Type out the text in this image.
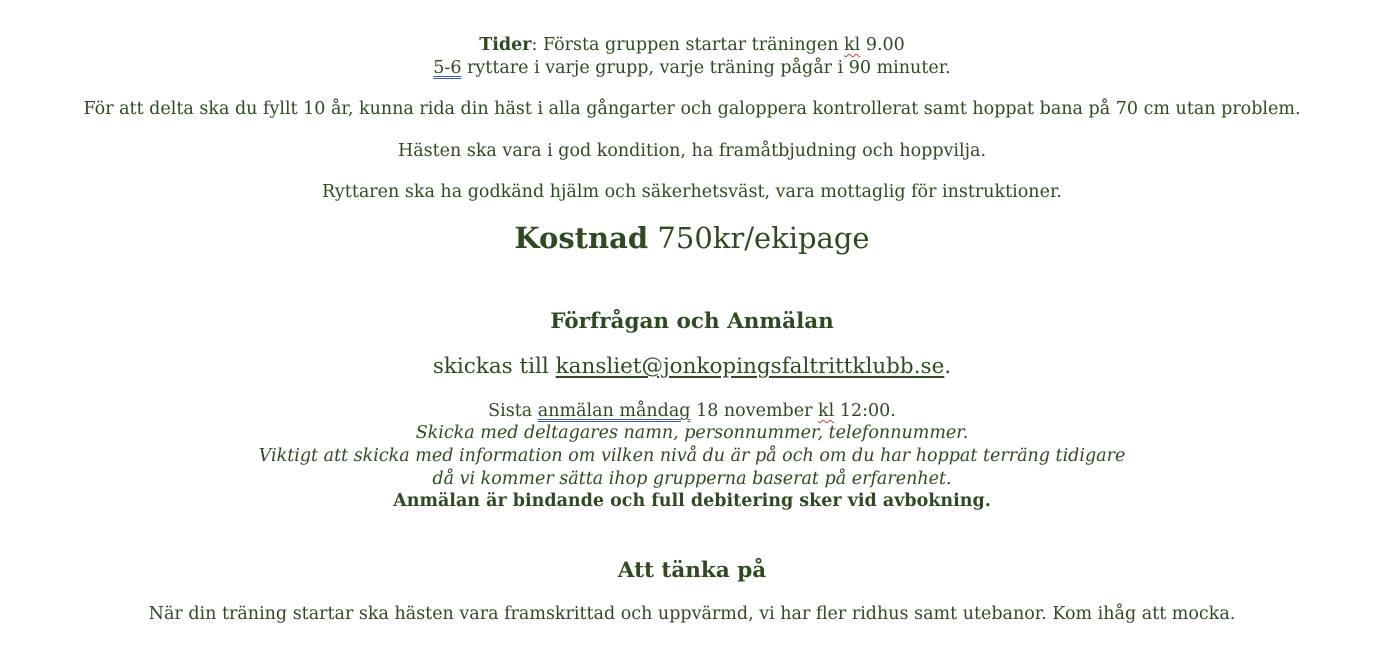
Tider: Första gruppen startar träningen kl 9.00
5-6 ryttare i varje grupp, varje träning pågår i 90 minuter.
För att delta ska du fyllt 10 år, kunna rida din häst i alla gångarter och galoppera kontrollerat samt hoppat bana på 70 cm utan problem.
Hästen ska vara i god kondition, ha framåtbjudning och hoppvilja.
Ryttaren ska ha godkänd hjälm och säkerhetsväst, vara mottaglig för instruktioner.
Kostnad 750kr/ekipage
Förfrågan och Anmälan
skickas till kansliet@jonkopingsfaltrittklubb.se.
Sista anmälan måndag 18 november kl 12:00.
Skicka med deltagares namn, personnummer, telefonnummer.
Viktigt att skicka med information om vilken nivå du är på och om du har hoppat terräng tidigare
då vi kommer sätta ihop grupperna baserat på erfarenhet.
Anmälan är bindande och full debitering sker vid avbokning.
Att tänka på
När din träning startar ska hästen vara framskrittad och uppvärmd, vi har fler ridhus samt utebanor. Kom ihåg att mocka.
